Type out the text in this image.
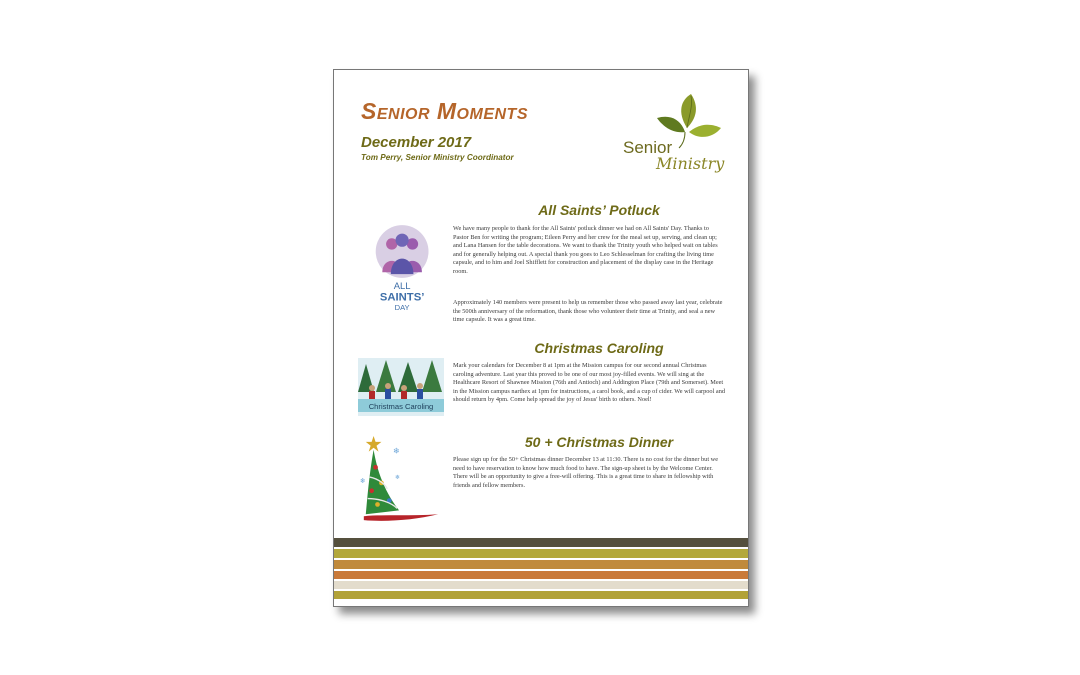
Senior Moments
December 2017
Tom Perry, Senior Ministry Coordinator
Senior
Ministry
All Saints’ Potluck
ALL
SAINTS’
DAY

We have many people to thank for the All Saints' potluck dinner we had on All Saints' Day. Thanks to Pastor Ben for writing the program; Eileen Perry and her crew for the meal set up, serving, and clean up; and Lana Hansen for the table decorations. We want to thank the Trinity youth who helped wait on tables and for generally helping out. A special thank you goes to Leo Schlesselman for crafting the living time capsule, and to him and Joel Shifflett for construction and placement of the display case in the Heritage room.

Approximately 140 members were present to help us remember those who passed away last year, celebrate the 500th anniversary of the reformation, thank those who volunteer their time at Trinity, and seal a new time capsule. It was a great time.

Christmas Caroling
Christmas Caroling

Mark your calendars for December 8 at 1pm at the Mission campus for our second annual Christmas caroling adventure. Last year this proved to be one of our most joy-filled events. We will sing at the Healthcare Resort of Shawnee Mission (76th and Antioch) and Addington Place (79th and Somerset). Meet in the Mission campus narthex at 1pm for instructions, a carol book, and a cup of cider. We will carpool and should return by 4pm. Come help spread the joy of Jesus' birth to others. Noel!

50 + Christmas Dinner
❄
❄	❄

Please sign up for the 50+ Christmas dinner December 13 at 11:30. There is no cost for the dinner but we need to have reservation to know how much food to have. The sign-up sheet is by the Welcome Center. There will be an opportunity to give a free-will offering. This is a great time to share in fellowship with friends and fellow members.
